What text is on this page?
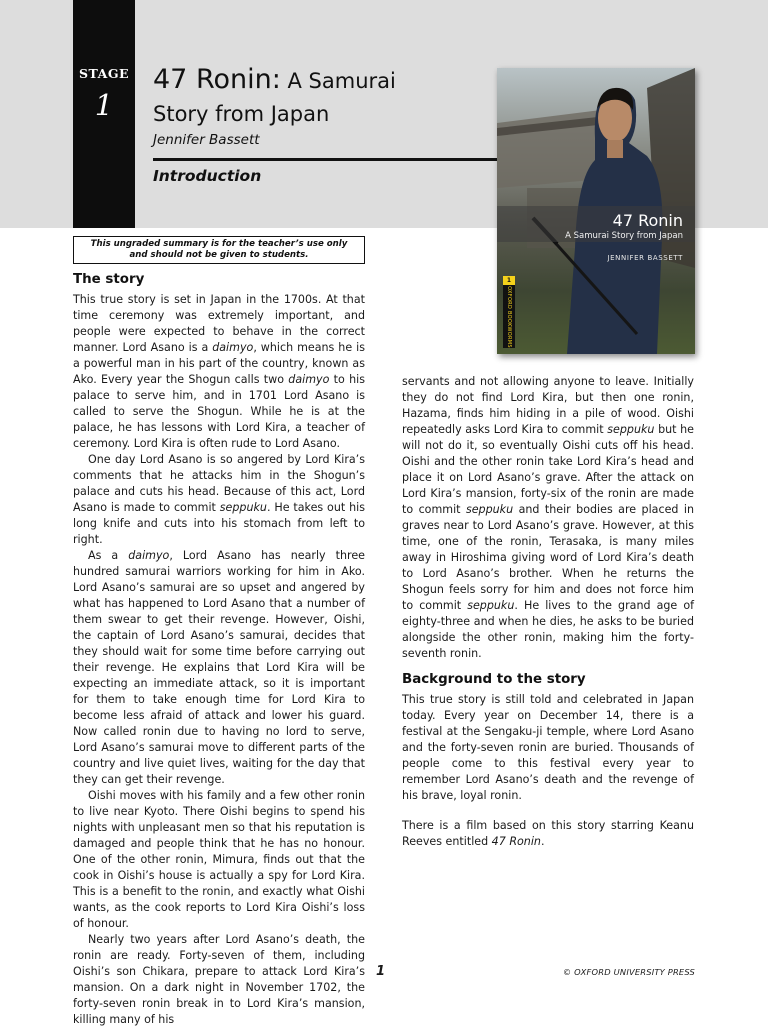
STAGE
1
47 Ronin: A Samurai
Story from Japan
Jennifer Bassett
Introduction
47 Ronin
A Samurai Story from Japan
JENNIFER BASSETT
1
OXFORD BOOKWORMS
This ungraded summary is for the teacher’s use only
and should not be given to students.
The story

This true story is set in Japan in the 1700s. At that time ceremony was extremely important, and people were expected to behave in the correct manner. Lord Asano is a daimyo, which means he is a powerful man in his part of the country, known as Ako. Every year the Shogun calls two daimyo to his palace to serve him, and in 1701 Lord Asano is called to serve the Shogun. While he is at the palace, he has lessons with Lord Kira, a teacher of ceremony. Lord Kira is often rude to Lord Asano.

One day Lord Asano is so angered by Lord Kira’s comments that he attacks him in the Shogun’s palace and cuts his head. Because of this act, Lord Asano is made to commit seppuku. He takes out his long knife and cuts into his stomach from left to right.

As a daimyo, Lord Asano has nearly three hundred samurai warriors working for him in Ako. Lord Asano’s samurai are so upset and angered by what has happened to Lord Asano that a number of them swear to get their revenge. However, Oishi, the captain of Lord Asano’s samurai, decides that they should wait for some time before carrying out their revenge. He explains that Lord Kira will be expecting an immediate attack, so it is important for them to take enough time for Lord Kira to become less afraid of attack and lower his guard. Now called ronin due to having no lord to serve, Lord Asano’s samurai move to different parts of the country and live quiet lives, waiting for the day that they can get their revenge.

Oishi moves with his family and a few other ronin to live near Kyoto. There Oishi begins to spend his nights with unpleasant men so that his reputation is damaged and people think that he has no honour. One of the other ronin, Mimura, finds out that the cook in Oishi’s house is actually a spy for Lord Kira. This is a benefit to the ronin, and exactly what Oishi wants, as the cook reports to Lord Kira Oishi’s loss of honour.

Nearly two years after Lord Asano’s death, the ronin are ready. Forty-seven of them, including Oishi’s son Chikara, prepare to attack Lord Kira’s mansion. On a dark night in November 1702, the forty-seven ronin break in to Lord Kira’s mansion, killing many of his

servants and not allowing anyone to leave. Initially they do not find Lord Kira, but then one ronin, Hazama, finds him hiding in a pile of wood. Oishi repeatedly asks Lord Kira to commit seppuku but he will not do it, so eventually Oishi cuts off his head. Oishi and the other ronin take Lord Kira’s head and place it on Lord Asano’s grave. After the attack on Lord Kira’s mansion, forty-six of the ronin are made to commit seppuku and their bodies are placed in graves near to Lord Asano’s grave. However, at this time, one of the ronin, Terasaka, is many miles away in Hiroshima giving word of Lord Kira’s death to Lord Asano’s brother. When he returns the Shogun feels sorry for him and does not force him to commit seppuku. He lives to the grand age of eighty-three and when he dies, he asks to be buried alongside the other ronin, making him the forty-seventh ronin.

Background to the story

This true story is still told and celebrated in Japan today. Every year on December 14, there is a festival at the Sengaku-ji temple, where Lord Asano and the forty-seven ronin are buried. Thousands of people come to this festival every year to remember Lord Asano’s death and the revenge of his brave, loyal ronin.

There is a film based on this story starring Keanu Reeves entitled 47 Ronin.

1	© OXFORD UNIVERSITY PRESS
